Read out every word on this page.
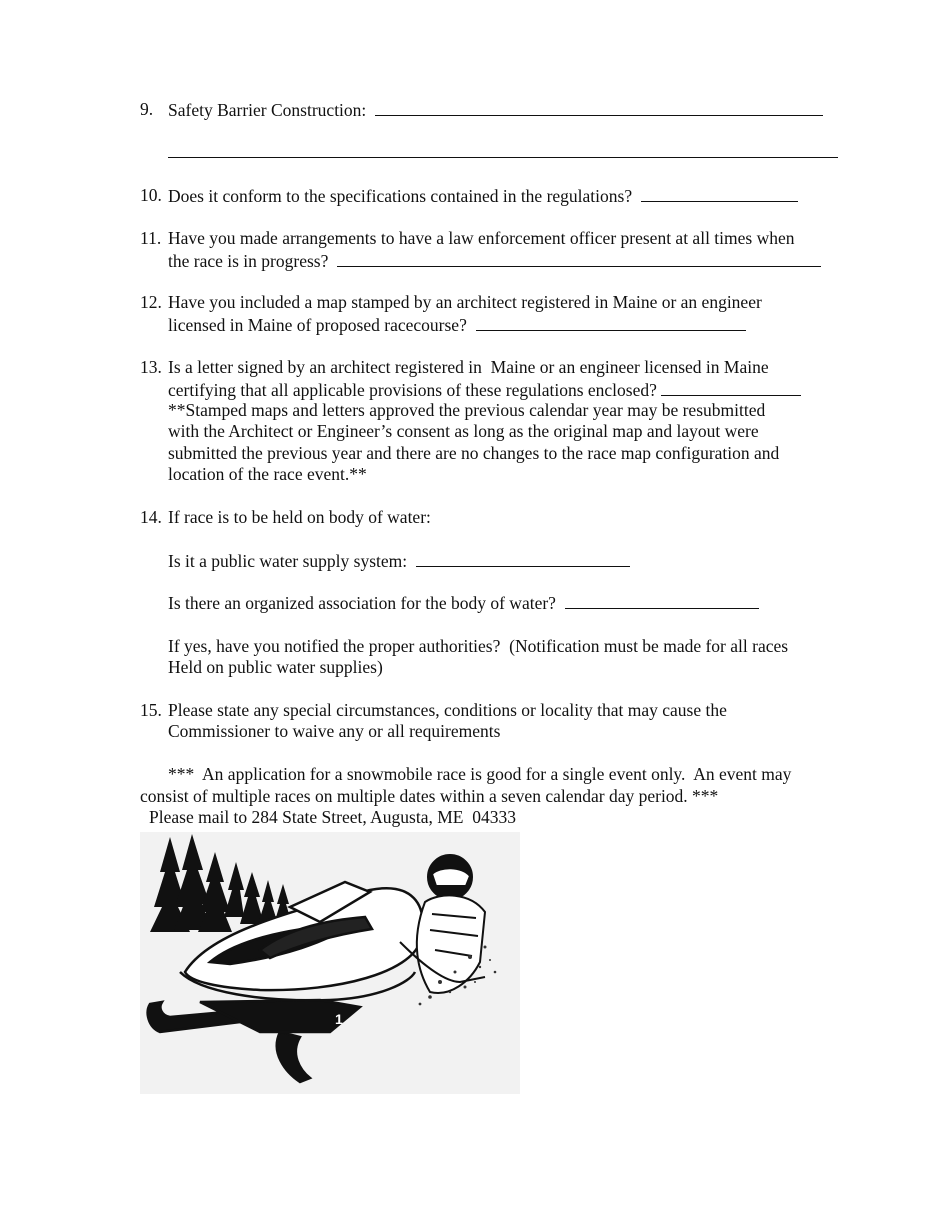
9. Safety Barrier Construction:
10. Does it conform to the specifications contained in the regulations?
11. Have you made arrangements to have a law enforcement officer present at all times when
the race is in progress?
12. Have you included a map stamped by an architect registered in Maine or an engineer
licensed in Maine of proposed racecourse?
13. Is a letter signed by an architect registered in  Maine or an engineer licensed in Maine
certifying that all applicable provisions of these regulations enclosed?
**Stamped maps and letters approved the previous calendar year may be resubmitted
with the Architect or Engineer’s consent as long as the original map and layout were
submitted the previous year and there are no changes to the race map configuration and
location of the race event.**
14. If race is to be held on body of water:
Is it a public water supply system:
Is there an organized association for the body of water?
If yes, have you notified the proper authorities?  (Notification must be made for all races
Held on public water supplies)
15. Please state any special circumstances, conditions or locality that may cause the
Commissioner to waive any or all requirements
***  An application for a snowmobile race is good for a single event only.  An event may
consist of multiple races on multiple dates within a seven calendar day period. ***
Please mail to 284 State Street, Augusta, ME  04333
1
